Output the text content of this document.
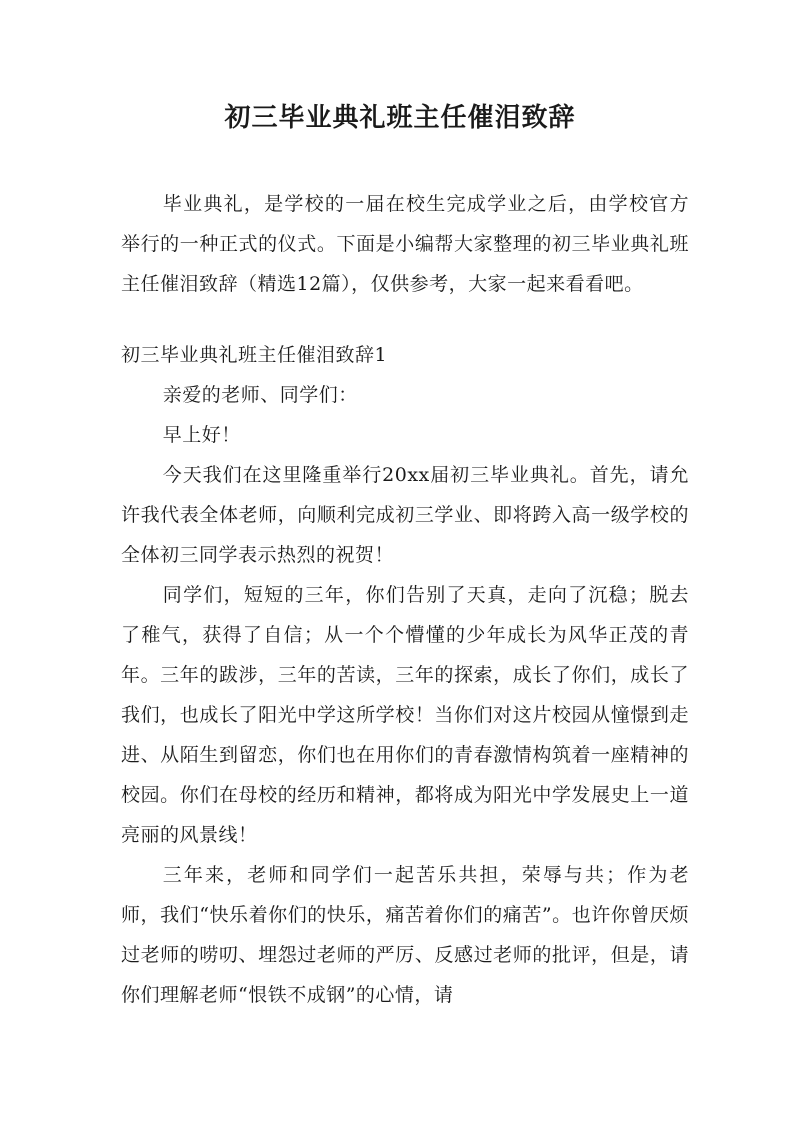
初三毕业典礼班主任催泪致辞

毕业典礼，是学校的一届在校生完成学业之后，由学校官方举行的一种正式的仪式。下面是小编帮大家整理的初三毕业典礼班主任催泪致辞（精选12篇），仅供参考，大家一起来看看吧。

初三毕业典礼班主任催泪致辞1

亲爱的老师、同学们：

早上好！

今天我们在这里隆重举行20xx届初三毕业典礼。首先，请允许我代表全体老师，向顺利完成初三学业、即将跨入高一级学校的全体初三同学表示热烈的祝贺！

同学们，短短的三年，你们告别了天真，走向了沉稳；脱去了稚气，获得了自信；从一个个懵懂的少年成长为风华正茂的青年。三年的跋涉，三年的苦读，三年的探索，成长了你们，成长了我们，也成长了阳光中学这所学校！当你们对这片校园从憧憬到走进、从陌生到留恋，你们也在用你们的青春激情构筑着一座精神的校园。你们在母校的经历和精神，都将成为阳光中学发展史上一道亮丽的风景线！

三年来，老师和同学们一起苦乐共担，荣辱与共；作为老师，我们“快乐着你们的快乐，痛苦着你们的痛苦”。也许你曾厌烦过老师的唠叨、埋怨过老师的严厉、反感过老师的批评，但是，请你们理解老师“恨铁不成钢”的心情，请
